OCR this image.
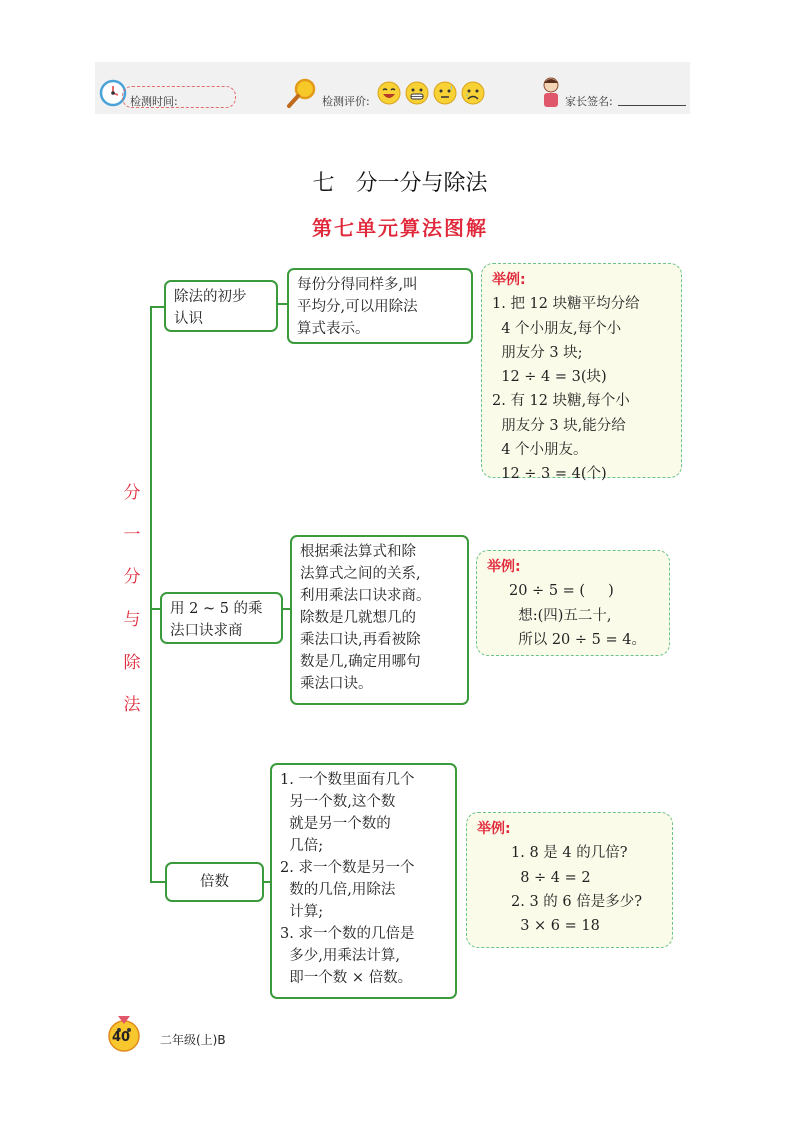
检测时间:	检测评价:	家长签名:
七   分一分与除法
第七单元算法图解
分
一
分
与
除
法
除法的初步
认识
每份分得同样多,叫
平均分,可以用除法
算式表示。
举例:
1. 把 12 块糖平均分给
4 个小朋友,每个小
朋友分 3 块;
12 ÷ 4 = 3(块)
2. 有 12 块糖,每个小
朋友分 3 块,能分给
4 个小朋友。
12 ÷ 3 = 4(个)
用 2 ~ 5 的乘
法口诀求商
根据乘法算式和除
法算式之间的关系,
利用乘法口诀求商。
除数是几就想几的
乘法口诀,再看被除
数是几,确定用哪句
乘法口诀。
举例:
20 ÷ 5 = (     )
想:(四)五二十,
所以 20 ÷ 5 = 4。
倍数
1. 一个数里面有几个
另一个数,这个数
就是另一个数的
几倍;
2. 求一个数是另一个
数的几倍,用除法
计算;
3. 求一个数的几倍是
多少,用乘法计算,
即一个数 × 倍数。
举例:
1. 8 是 4 的几倍?
8 ÷ 4 = 2
2. 3 的 6 倍是多少?
3 × 6 = 18
40 二年级(上)B
